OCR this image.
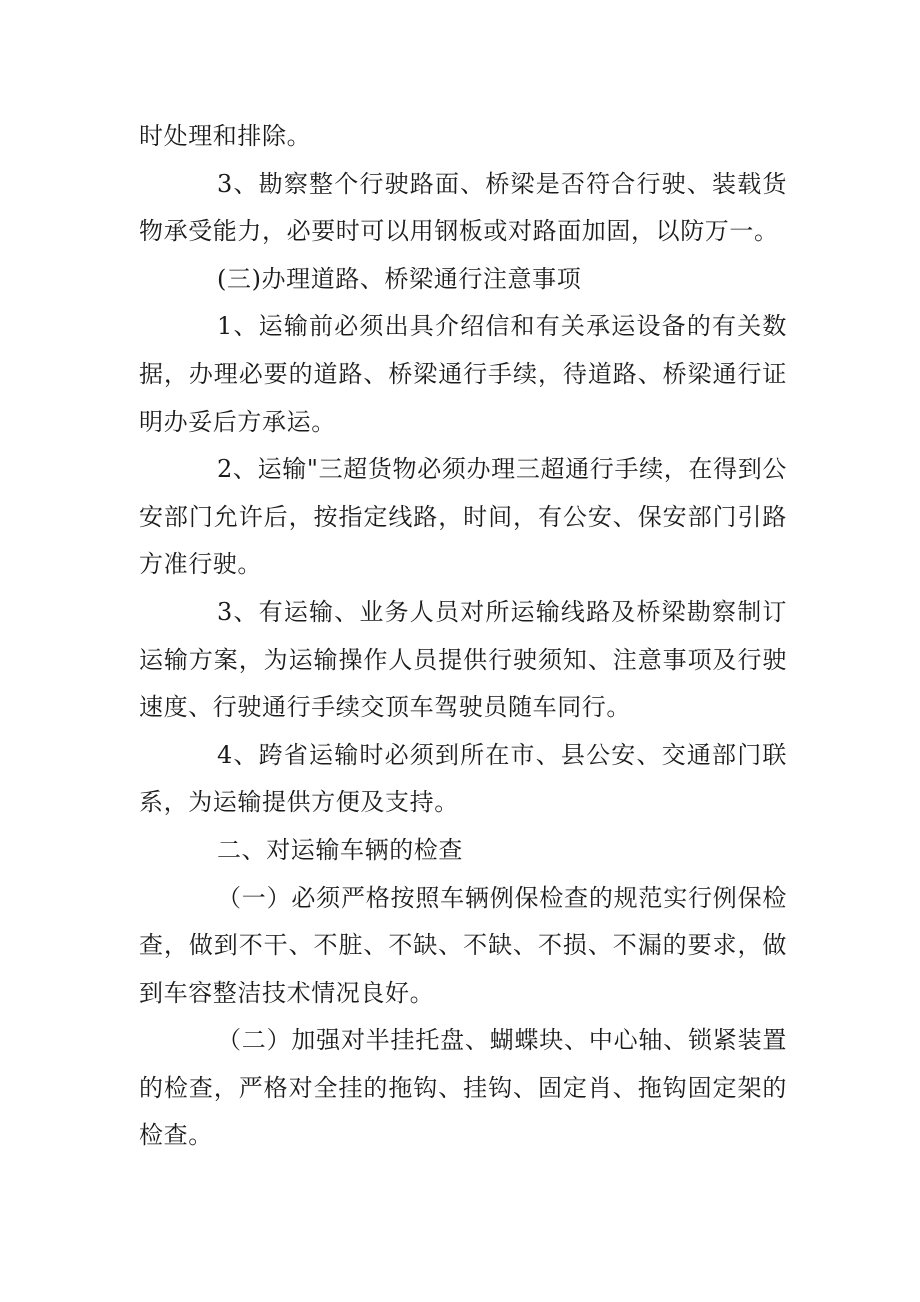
时处理和排除。

3、勘察整个行驶路面、桥梁是否符合行驶、装载货物承受能力，必要时可以用钢板或对路面加固，以防万一。

(三)办理道路、桥梁通行注意事项

1、运输前必须出具介绍信和有关承运设备的有关数据，办理必要的道路、桥梁通行手续，待道路、桥梁通行证明办妥后方承运。

2、运输"三超货物必须办理三超通行手续，在得到公安部门允许后，按指定线路，时间，有公安、保安部门引路方准行驶。

3、有运输、业务人员对所运输线路及桥梁勘察制订运输方案，为运输操作人员提供行驶须知、注意事项及行驶速度、行驶通行手续交顶车驾驶员随车同行。

4、跨省运输时必须到所在市、县公安、交通部门联系，为运输提供方便及支持。

二、对运输车辆的检查

（一）必须严格按照车辆例保检查的规范实行例保检查，做到不干、不脏、不缺、不缺、不损、不漏的要求，做到车容整洁技术情况良好。

（二）加强对半挂托盘、蝴蝶块、中心轴、锁紧装置的检查，严格对全挂的拖钩、挂钩、固定肖、拖钩固定架的检查。
